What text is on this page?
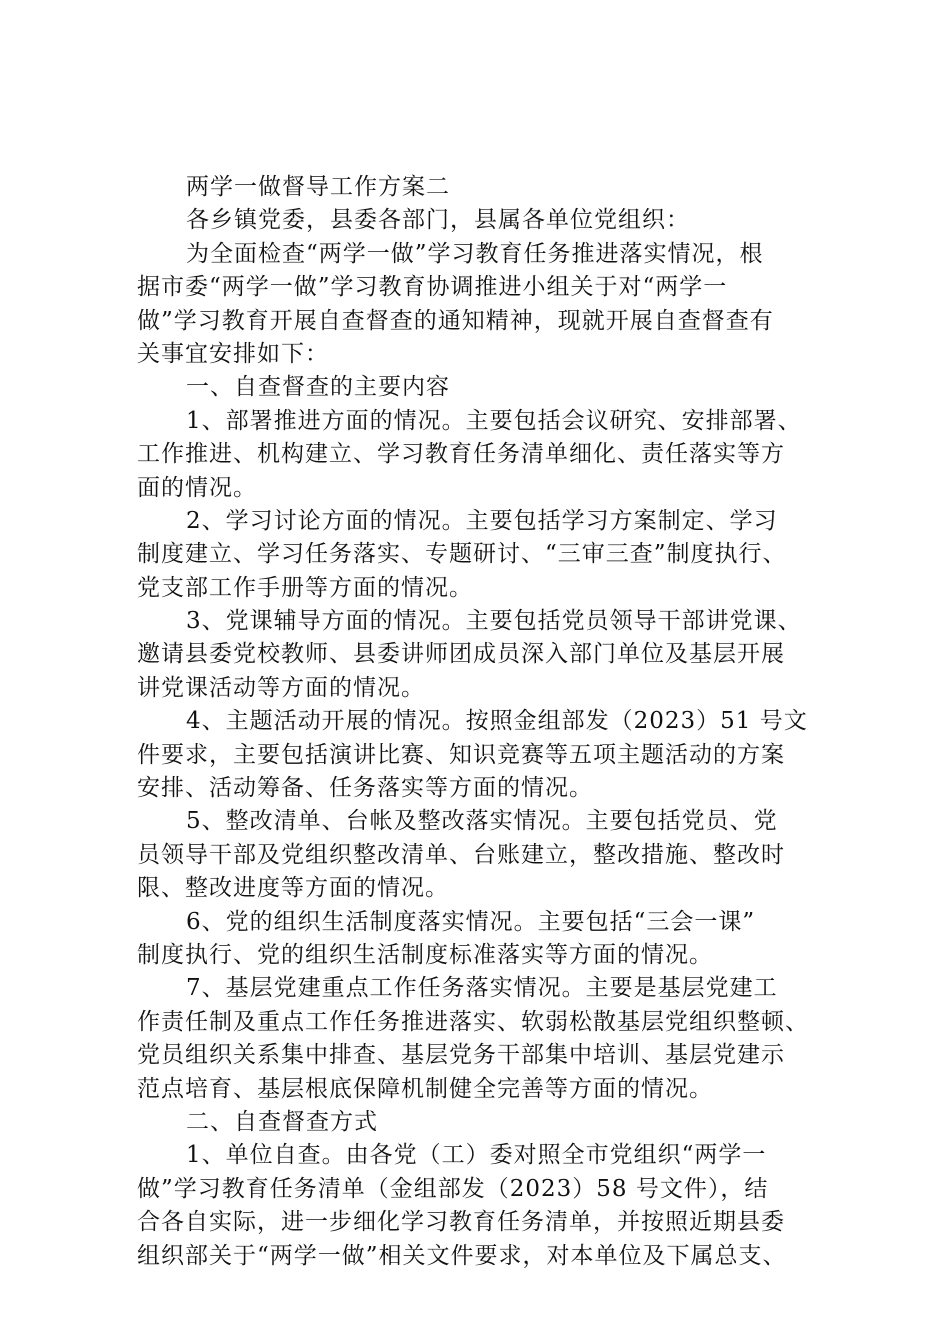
两学一做督导工作方案二
各乡镇党委，县委各部门，县属各单位党组织：
为全面检查“两学一做”学习教育任务推进落实情况，根
据市委“两学一做”学习教育协调推进小组关于对“两学一
做”学习教育开展自查督查的通知精神，现就开展自查督查有
关事宜安排如下：
一、自查督查的主要内容
1、部署推进方面的情况。主要包括会议研究、安排部署、
工作推进、机构建立、学习教育任务清单细化、责任落实等方
面的情况。
2、学习讨论方面的情况。主要包括学习方案制定、学习
制度建立、学习任务落实、专题研讨、“三审三查”制度执行、
党支部工作手册等方面的情况。
3、党课辅导方面的情况。主要包括党员领导干部讲党课、
邀请县委党校教师、县委讲师团成员深入部门单位及基层开展
讲党课活动等方面的情况。
4、主题活动开展的情况。按照金组部发（2023）51 号文
件要求，主要包括演讲比赛、知识竞赛等五项主题活动的方案
安排、活动筹备、任务落实等方面的情况。
5、整改清单、台帐及整改落实情况。主要包括党员、党
员领导干部及党组织整改清单、台账建立，整改措施、整改时
限、整改进度等方面的情况。
6、党的组织生活制度落实情况。主要包括“三会一课”
制度执行、党的组织生活制度标准落实等方面的情况。
7、基层党建重点工作任务落实情况。主要是基层党建工
作责任制及重点工作任务推进落实、软弱松散基层党组织整顿、
党员组织关系集中排查、基层党务干部集中培训、基层党建示
范点培育、基层根底保障机制健全完善等方面的情况。
二、自查督查方式
1、单位自查。由各党（工）委对照全市党组织“两学一
做”学习教育任务清单（金组部发（2023）58 号文件），结
合各自实际，进一步细化学习教育任务清单，并按照近期县委
组织部关于“两学一做”相关文件要求，对本单位及下属总支、
